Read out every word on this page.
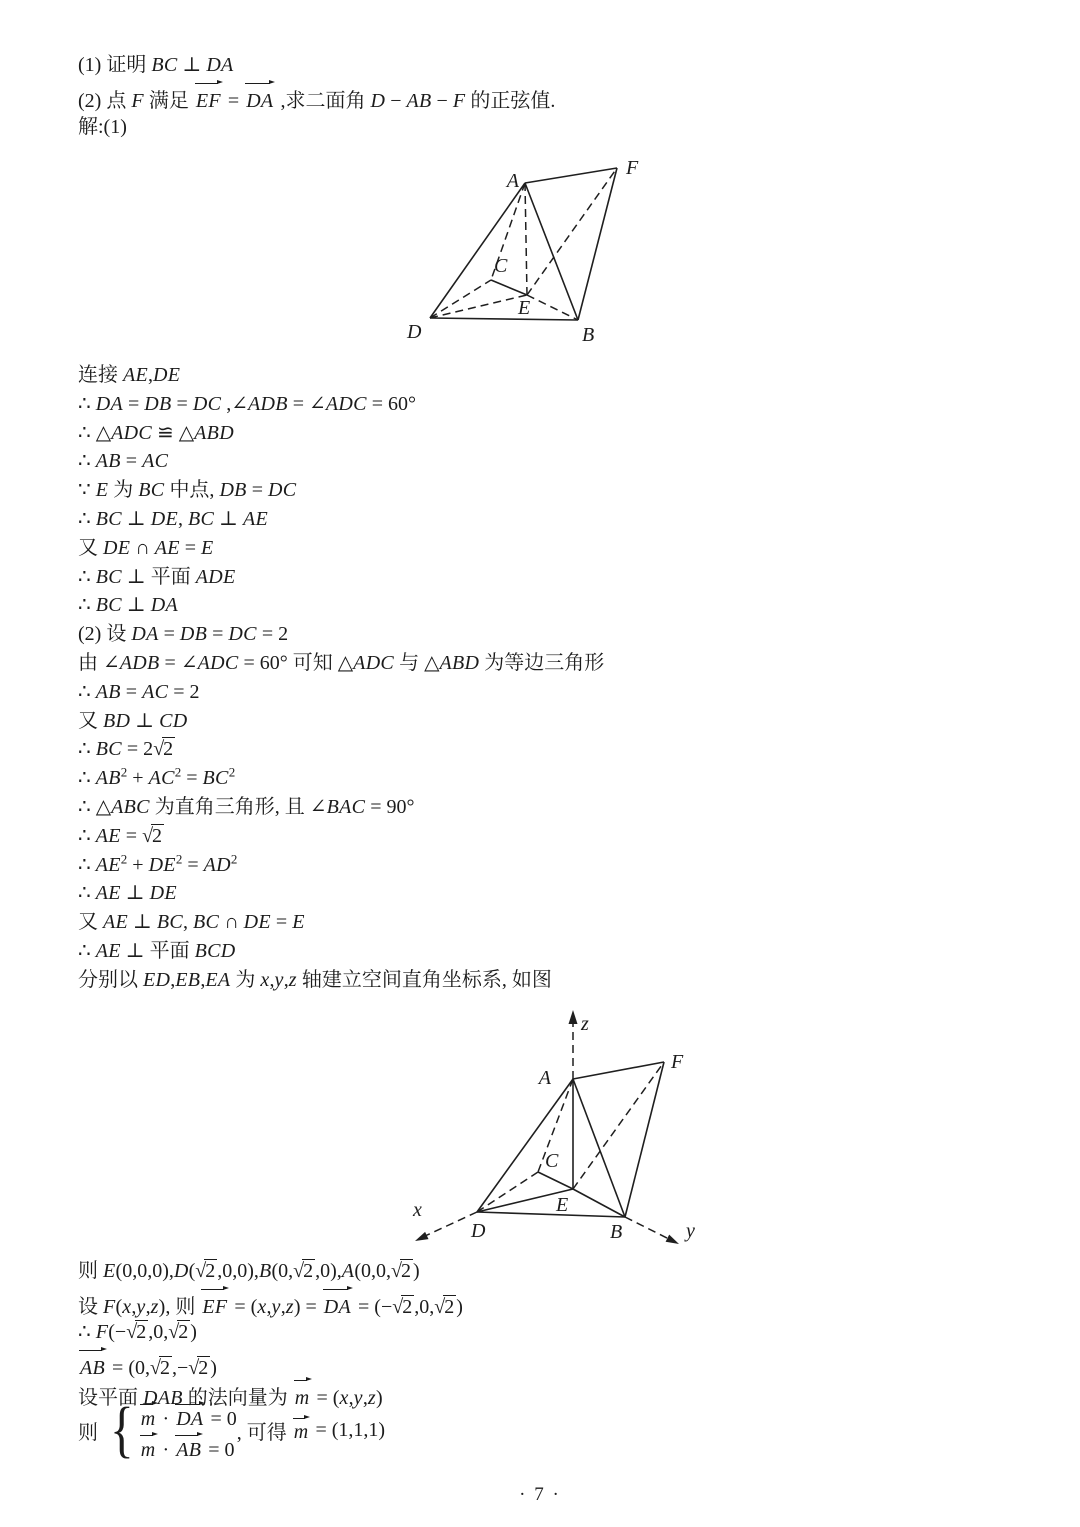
(1) 证明 BC ⊥ DA
(2) 点 F 满足
EF =
DA ,求二面角 D − AB − F 的正弦值.
解:(1)
A
F
C
D
E
B
连接 AE,DE
∴ DA = DB = DC ,∠ADB = ∠ADC = 60°
∴ △ADC ≌ △ABD
∴ AB = AC
∵ E 为 BC 中点, DB = DC
∴ BC ⊥ DE, BC ⊥ AE
又 DE ∩ AE = E
∴ BC ⊥ 平面 ADE
∴ BC ⊥ DA
(2) 设 DA = DB = DC = 2
由 ∠ADB = ∠ADC = 60° 可知 △ADC 与 △ABD 为等边三角形
∴ AB = AC = 2
又 BD ⊥ CD
∴ BC = 2√2
∴ $AB^2 + AC^2 = BC^2$
∴ △ABC 为直角三角形, 且 ∠BAC = 90°
∴ AE = √2
∴ $AE^2 + DE^2 = AD^2$
∴ AE ⊥ DE
又 AE ⊥ BC, BC ∩ DE = E
∴ AE ⊥ 平面 BCD
分别以 ED,EB,EA 为 x,y,z 轴建立空间直角坐标系, 如图
z
A
F
C
E
D	B
x
y
则 E(0,0,0),D(√2 ,0,0),B(0,√2 ,0),A(0,0,√2 )
设 F(x,y,z), 则
EF = (x,y,z) =
DA = (−√2 ,0,√2 )
∴ F(−√2 ,0,√2 )
AB = (0,√2 ,−√2 )
设平面 DAB 的法向量为
m = (x,y,z)
则 { m ·
DA = 0
m ·
AB = 0
, 可得 m = (1,1,1)
· 7 ·
